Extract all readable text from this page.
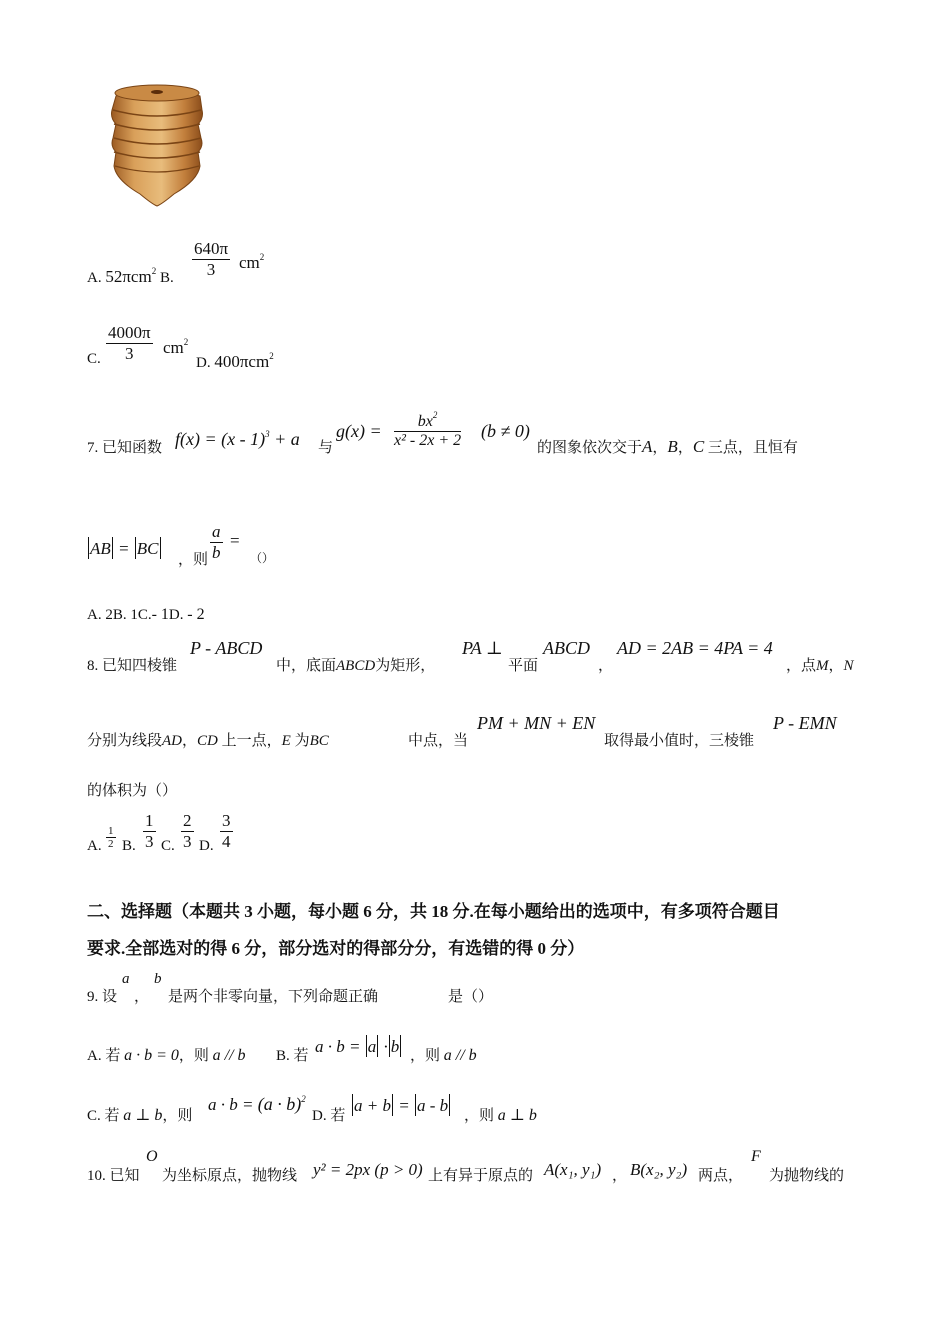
A. 52πcm$^2$ B. $\frac{640\pi}{3} cm^2$
C. $\frac{4000\pi}{3} cm^2$
D. 400πcm$^2$
7. 已知函数 f(x) = (x - 1)$^3$ + a 与
$g(x) = \frac{bx^2}{\text{x² - 2x + 2}} (b \ne 0)$
的图象依次交于A，B，C 三点，且恒有
AB = BC
，则 $\frac{a}{b}$ =
（）
A. 2B. 1C.- 1D. - 2
8. 已知四棱锥
P - ABCD
中，底面ABCD为矩形，
PA ⊥
平面
ABCD
，
AD = 2AB = 4PA = 4
，点M，N
分别为线段AD，CD 上一点，E 为BC	中点，当
PM + MN + EN
取得最小值时，三棱锥
P - EMN
的体积为（）
A. $\frac{1}{2} B$. $\frac{1}{3} C$. $\frac{2}{3} D$. $\frac{3}{4}$
二、选择题（本题共 3 小题，每小题 6 分，共 18 分.在每小题给出的选项中，有多项符合题目
要求.全部选对的得 6 分，部分选对的得部分分，有选错的得 0 分）
9. 设
a
，
b
是两个非零向量，下列命题正确	是（）
A. 若 a · b = 0，则 a // b B. 若 a · b = a · b ，则 a // b
C. 若 a ⊥ b，则
$a \cdot b = (a \cdot b)^2$
D. 若
a + b = a - b
，则 a ⊥ b
10. 已知
O
为坐标原点，抛物线 y² = 2px (p > 0) 上有异于原点的 A(x₁, y₁) ， B(x₂, y₂) 两点，
F
为抛物线的
